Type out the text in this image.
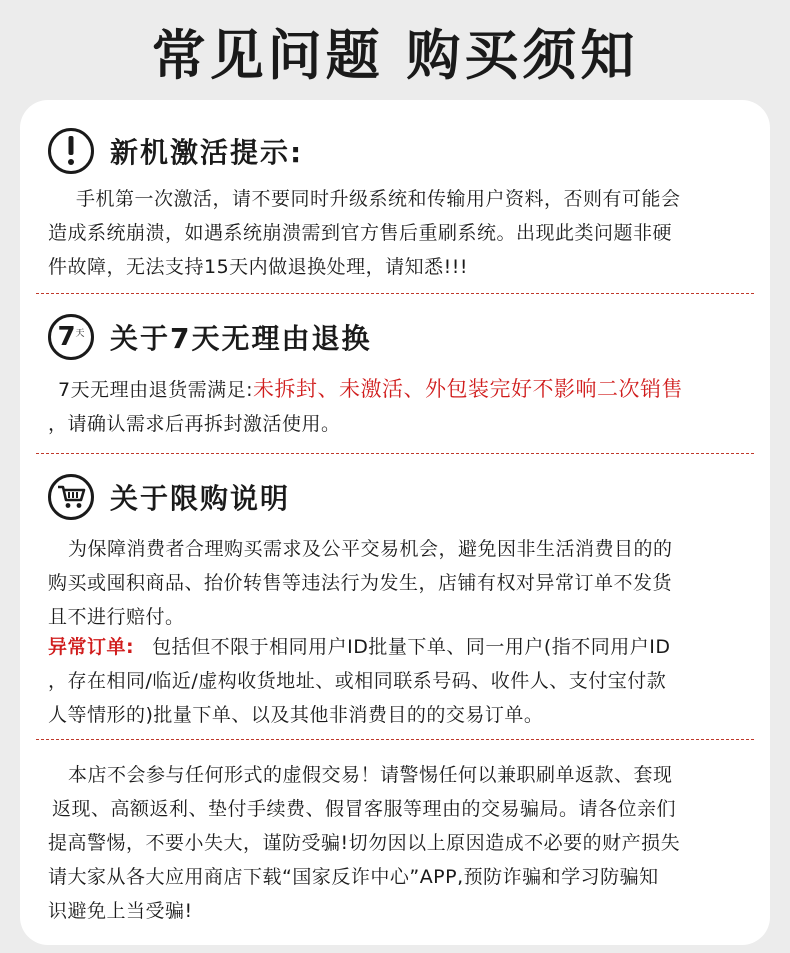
常见问题 购买须知
新机激活提示:
手机第一次激活，请不要同时升级系统和传输用户资料，否则有可能会
造成系统崩溃，如遇系统崩溃需到官方售后重刷系统。出现此类问题非硬
件故障，无法支持15天内做退换处理，请知悉!!!
7 天 关于7天无理由退换
7天无理由退货需满足:未拆封、未激活、外包装完好不影响二次销售
，请确认需求后再拆封激活使用。
关于限购说明
为保障消费者合理购买需求及公平交易机会，避免因非生活消费目的的
购买或囤积商品、抬价转售等违法行为发生，店铺有权对异常订单不发货
且不进行赔付。
异常订单: 包括但不限于相同用户ID批量下单、同一用户(指不同用户ID
，存在相同/临近/虚构收货地址、或相同联系号码、收件人、支付宝付款
人等情形的)批量下单、以及其他非消费目的的交易订单。
本店不会参与任何形式的虚假交易！请警惕任何以兼职刷单返款、套现
返现、高额返利、垫付手续费、假冒客服等理由的交易骗局。请各位亲们
提高警惕，不要小失大，谨防受骗!切勿因以上原因造成不必要的财产损失
请大家从各大应用商店下载“国家反诈中心”APP,预防诈骗和学习防骗知
识避免上当受骗!
